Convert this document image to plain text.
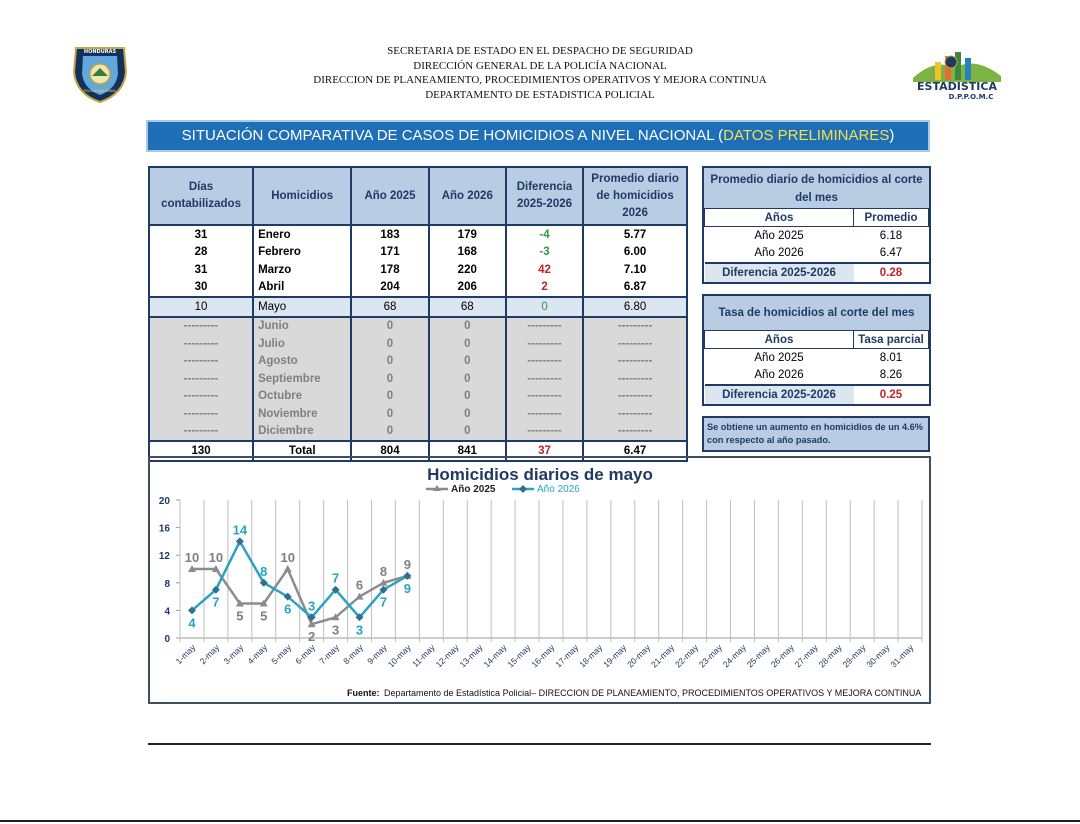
HONDURAS
POLICIA NACIONAL
SECRETARIA DE ESTADO EN EL DESPACHO DE SEGURIDAD
DIRECCIÓN GENERAL DE LA POLICÍA NACIONAL
DIRECCION DE PLANEAMIENTO, PROCEDIMIENTOS OPERATIVOS Y MEJORA CONTINUA
DEPARTAMENTO DE ESTADISTICA POLICIAL
ESTADISTICA
D.P.P.O.M.C
SITUACIÓN COMPARATIVA DE CASOS DE HOMICIDIOS A NIVEL NACIONAL (DATOS PRELIMINARES)
Días contabilizados	Homicidios	Año 2025	Año 2026	Diferencia 2025-2026	Promedio diario de homicidios 2026
31	Enero	183	179	-4	5.77
28	Febrero	171	168	-3	6.00
31	Marzo	178	220	42	7.10
30	Abril	204	206	2	6.87
10	Mayo	68	68	0	6.80
---------	Junio	0	0	---------	---------
---------	Julio	0	0	---------	---------
---------	Agosto	0	0	---------	---------
---------	Septiembre	0	0	---------	---------
---------	Octubre	0	0	---------	---------
---------	Noviembre	0	0	---------	---------
---------	Diciembre	0	0	---------	---------
130	Total	804	841	37	6.47
Promedio diario de homicidios al corte del mes
Años	Promedio
Año 2025	6.18
Año 2026	6.47
Diferencia 2025-2026	0.28
Tasa de homicidios al corte del mes
Años	Tasa parcial
Año 2025	8.01
Año 2026	8.26
Diferencia 2025-2026	0.25
Se obtiene un aumento en homicidios de un 4.6% con respecto al año pasado.
Homicidios diarios de mayo
Año 2025	Año 2026
0
4
8
12
16
20
1-may 2-may 3-may 4-may 5-may 6-may 7-may 8-may 9-may
10-may
11-may
12-may
13-may
14-may
15-may
16-may
17-may
18-may
19-may
20-may
21-may
22-may
23-may
24-may
25-may
26-may
27-may
28-may
29-may
30-may
31-may
10 10
5 5
10
2 3
6
8 9
4
7
14
8
6 3
7
3
7
9
Fuente: Departamento de Estadística Policial– DIRECCION DE PLANEAMIENTO, PROCEDIMIENTOS OPERATIVOS Y MEJORA CONTINUA
